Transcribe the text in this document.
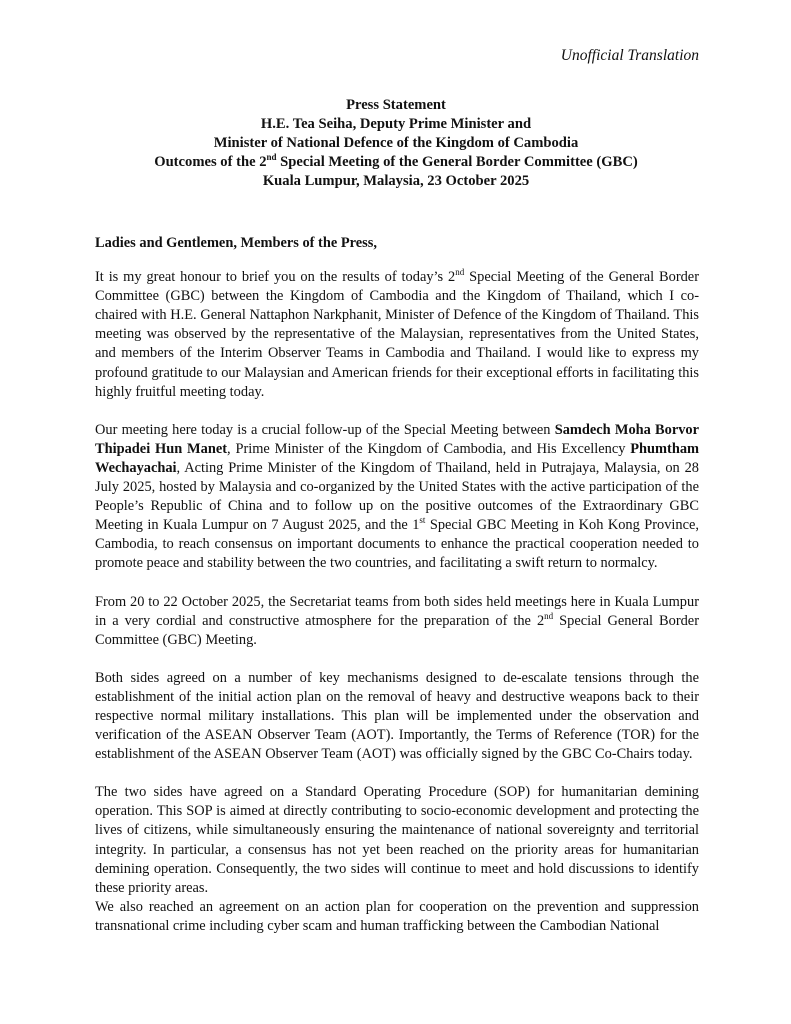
Unofficial Translation

Press Statement
H.E. Tea Seiha, Deputy Prime Minister and
Minister of National Defence of the Kingdom of Cambodia
Outcomes of the 2nd Special Meeting of the General Border Committee (GBC)
Kuala Lumpur, Malaysia, 23 October 2025

Ladies and Gentlemen, Members of the Press,

It is my great honour to brief you on the results of today’s 2nd Special Meeting of the General Border Committee (GBC) between the Kingdom of Cambodia and the Kingdom of Thailand, which I co-chaired with H.E. General Nattaphon Narkphanit, Minister of Defence of the Kingdom of Thailand. This meeting was observed by the representative of the Malaysian, representatives from the United States, and members of the Interim Observer Teams in Cambodia and Thailand. I would like to express my profound gratitude to our Malaysian and American friends for their exceptional efforts in facilitating this highly fruitful meeting today.

Our meeting here today is a crucial follow-up of the Special Meeting between Samdech Moha Borvor Thipadei Hun Manet, Prime Minister of the Kingdom of Cambodia, and His Excellency Phumtham Wechayachai, Acting Prime Minister of the Kingdom of Thailand, held in Putrajaya, Malaysia, on 28 July 2025, hosted by Malaysia and co-organized by the United States with the active participation of the People’s Republic of China and to follow up on the positive outcomes of the Extraordinary GBC Meeting in Kuala Lumpur on 7 August 2025, and the 1st Special GBC Meeting in Koh Kong Province, Cambodia, to reach consensus on important documents to enhance the practical cooperation needed to promote peace and stability between the two countries, and facilitating a swift return to normalcy.

From 20 to 22 October 2025, the Secretariat teams from both sides held meetings here in Kuala Lumpur in a very cordial and constructive atmosphere for the preparation of the 2nd Special General Border Committee (GBC) Meeting.

Both sides agreed on a number of key mechanisms designed to de-escalate tensions through the establishment of the initial action plan on the removal of heavy and destructive weapons back to their respective normal military installations. This plan will be implemented under the observation and verification of the ASEAN Observer Team (AOT). Importantly, the Terms of Reference (TOR) for the establishment of the ASEAN Observer Team (AOT) was officially signed by the GBC Co-Chairs today.

The two sides have agreed on a Standard Operating Procedure (SOP) for humanitarian demining operation. This SOP is aimed at directly contributing to socio-economic development and protecting the lives of citizens, while simultaneously ensuring the maintenance of national sovereignty and territorial integrity. In particular, a consensus has not yet been reached on the priority areas for humanitarian demining operation. Consequently, the two sides will continue to meet and hold discussions to identify these priority areas.

We also reached an agreement on an action plan for cooperation on the prevention and suppression transnational crime including cyber scam and human trafficking between the Cambodian National
